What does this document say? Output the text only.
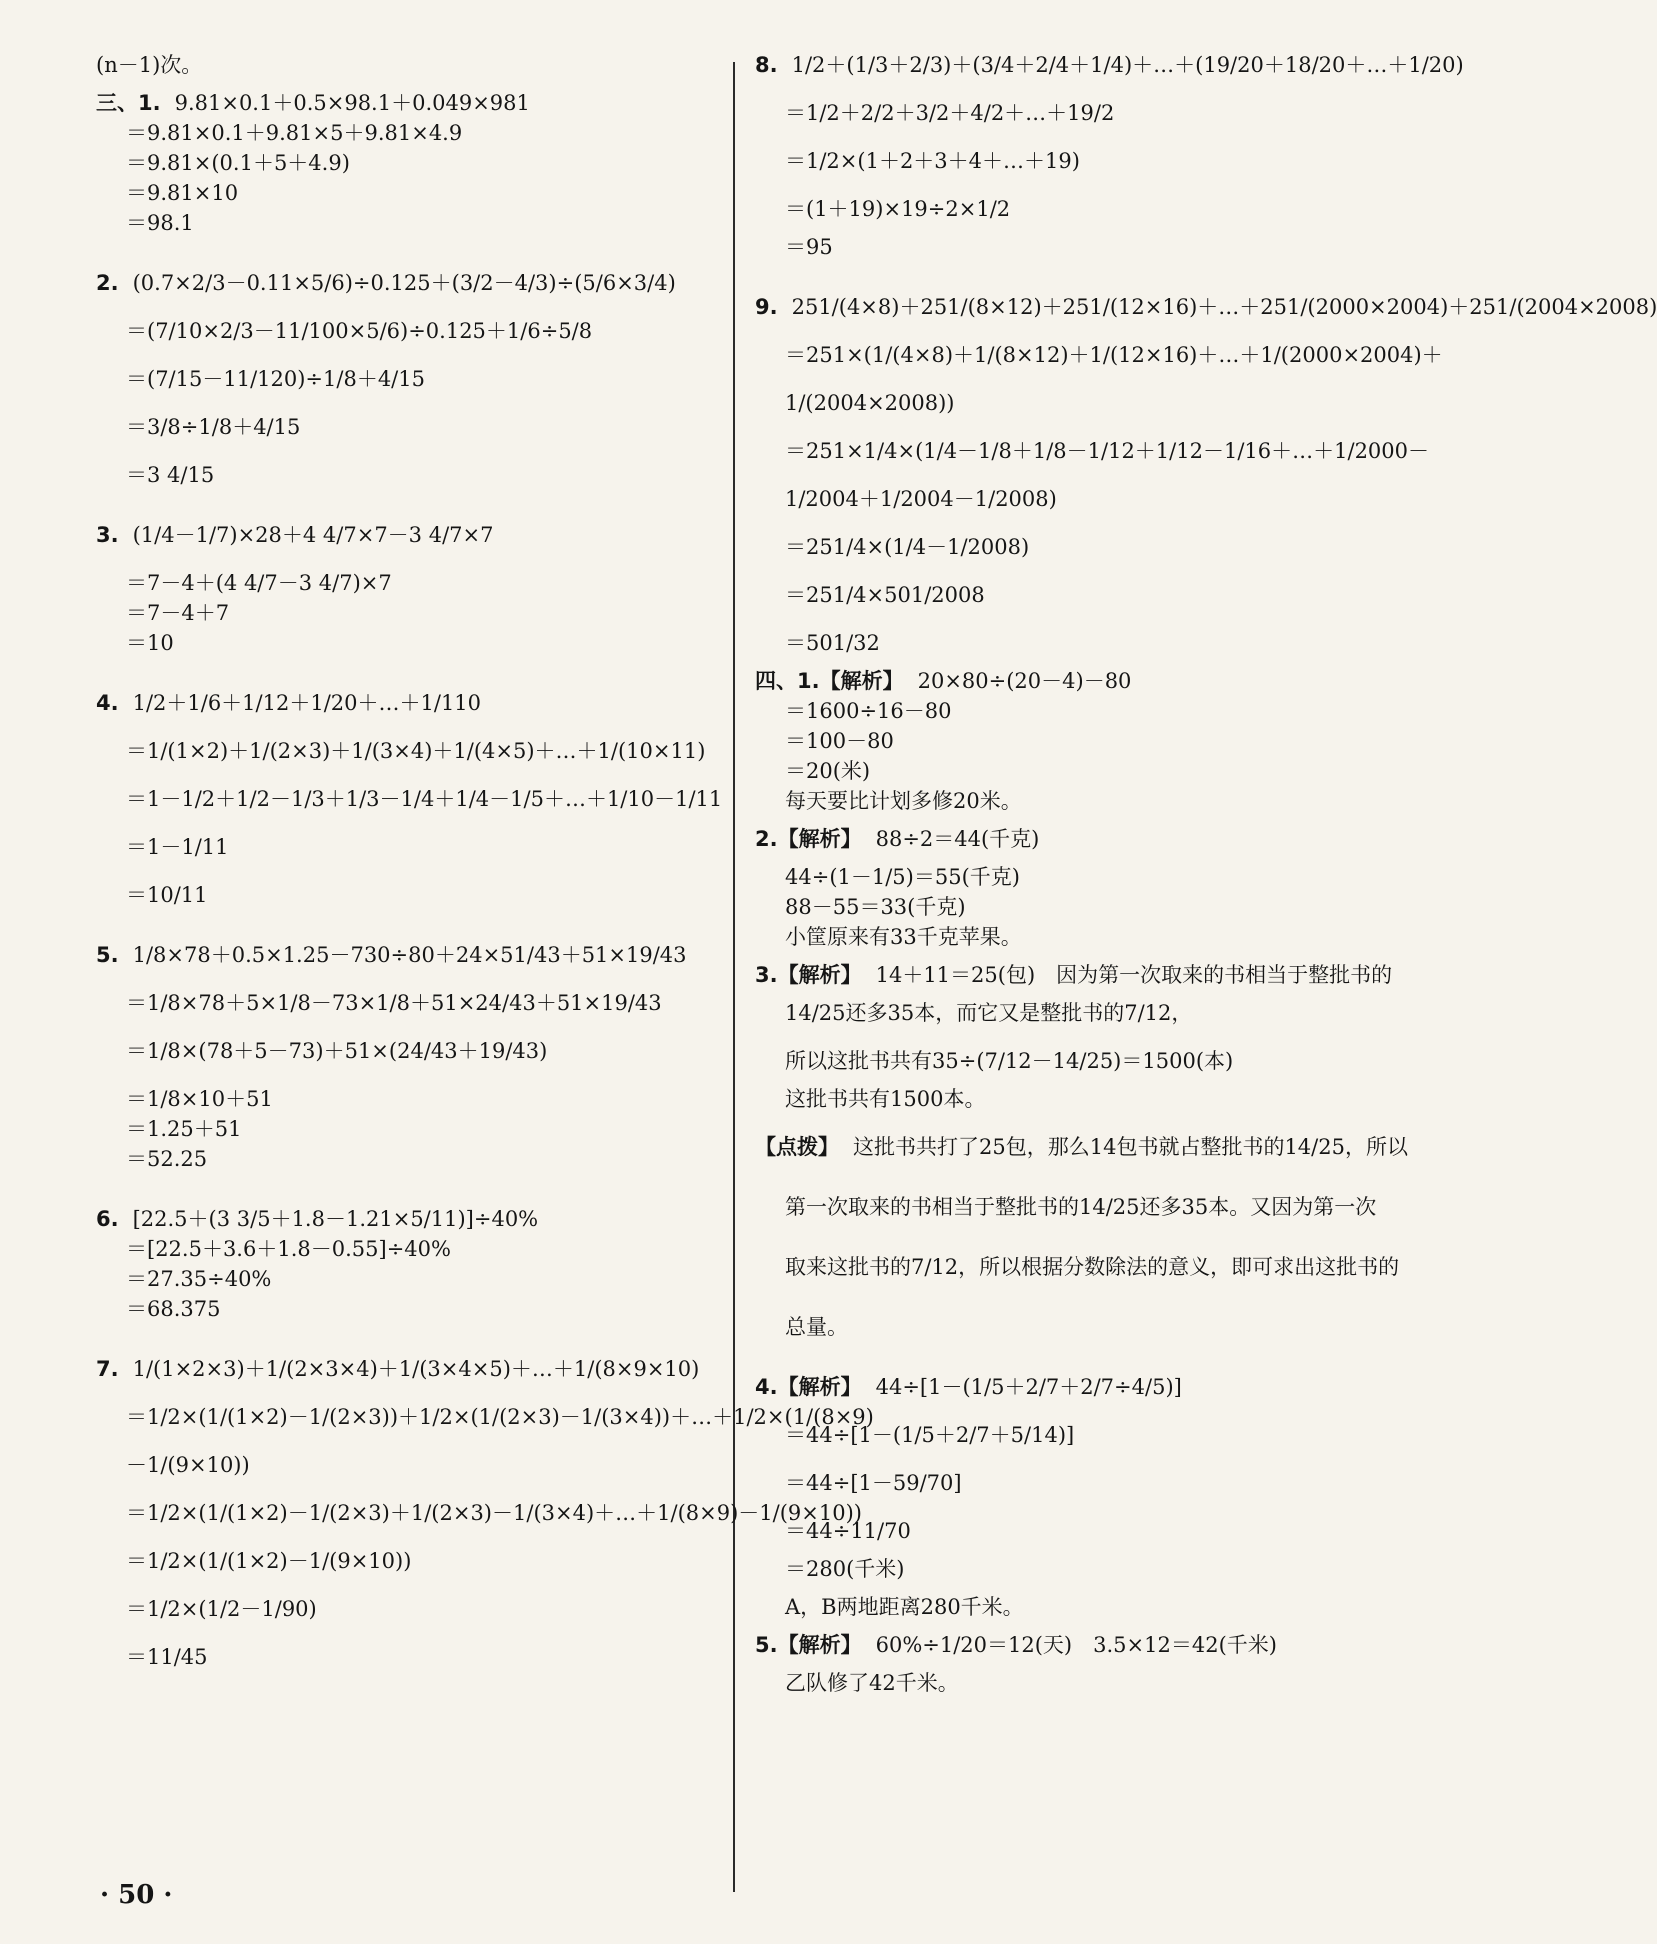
(n－1)次。
三、1. 9.81×0.1＋0.5×98.1＋0.049×981
＝9.81×0.1＋9.81×5＋9.81×4.9
＝9.81×(0.1＋5＋4.9)
＝9.81×10
＝98.1
2. (0.7×2/3－0.11×5/6)÷0.125＋(3/2－4/3)÷(5/6×3/4)
＝(7/10×2/3－11/100×5/6)÷0.125＋1/6÷5/8
＝(7/15－11/120)÷1/8＋4/15
＝3/8÷1/8＋4/15
＝3 4/15
3. (1/4－1/7)×28＋4 4/7×7－3 4/7×7
＝7－4＋(4 4/7－3 4/7)×7
＝7－4＋7
＝10
4. 1/2＋1/6＋1/12＋1/20＋…＋1/110
＝1/(1×2)＋1/(2×3)＋1/(3×4)＋1/(4×5)＋…＋1/(10×11)
＝1－1/2＋1/2－1/3＋1/3－1/4＋1/4－1/5＋…＋1/10－1/11
＝1－1/11
＝10/11
5. 1/8×78＋0.5×1.25－730÷80＋24×51/43＋51×19/43
＝1/8×78＋5×1/8－73×1/8＋51×24/43＋51×19/43
＝1/8×(78＋5－73)＋51×(24/43＋19/43)
＝1/8×10＋51
＝1.25＋51
＝52.25
6. [22.5＋(3 3/5＋1.8－1.21×5/11)]÷40%
＝[22.5＋3.6＋1.8－0.55]÷40%
＝27.35÷40%
＝68.375
7. 1/(1×2×3)＋1/(2×3×4)＋1/(3×4×5)＋…＋1/(8×9×10)
＝1/2×(1/(1×2)－1/(2×3))＋1/2×(1/(2×3)－1/(3×4))＋…＋1/2×(1/(8×9)
－1/(9×10))
＝1/2×(1/(1×2)－1/(2×3)＋1/(2×3)－1/(3×4)＋…＋1/(8×9)－1/(9×10))
＝1/2×(1/(1×2)－1/(9×10))
＝1/2×(1/2－1/90)
＝11/45
8. 1/2＋(1/3＋2/3)＋(3/4＋2/4＋1/4)＋…＋(19/20＋18/20＋…＋1/20)
＝1/2＋2/2＋3/2＋4/2＋…＋19/2
＝1/2×(1＋2＋3＋4＋…＋19)
＝(1＋19)×19÷2×1/2
＝95
9. 251/(4×8)＋251/(8×12)＋251/(12×16)＋…＋251/(2000×2004)＋251/(2004×2008)
＝251×(1/(4×8)＋1/(8×12)＋1/(12×16)＋…＋1/(2000×2004)＋
1/(2004×2008))
＝251×1/4×(1/4－1/8＋1/8－1/12＋1/12－1/16＋…＋1/2000－
1/2004＋1/2004－1/2008)
＝251/4×(1/4－1/2008)
＝251/4×501/2008
＝501/32
四、1.【解析】 20×80÷(20－4)－80
＝1600÷16－80
＝100－80
＝20(米)
每天要比计划多修20米。
2.【解析】 88÷2＝44(千克)
44÷(1－1/5)＝55(千克)
88－55＝33(千克)
小筐原来有33千克苹果。
3.【解析】 14＋11＝25(包)　因为第一次取来的书相当于整批书的
14/25还多35本，而它又是整批书的7/12，
所以这批书共有35÷(7/12－14/25)＝1500(本)
这批书共有1500本。
【点拨】 这批书共打了25包，那么14包书就占整批书的14/25，所以
第一次取来的书相当于整批书的14/25还多35本。又因为第一次
取来这批书的7/12，所以根据分数除法的意义，即可求出这批书的
总量。
4.【解析】 44÷[1－(1/5＋2/7＋2/7÷4/5)]
＝44÷[1－(1/5＋2/7＋5/14)]
＝44÷[1－59/70]
＝44÷11/70
＝280(千米)
A，B两地距离280千米。
5.【解析】 60%÷1/20＝12(天)　3.5×12＝42(千米)
乙队修了42千米。
· 50 ·
